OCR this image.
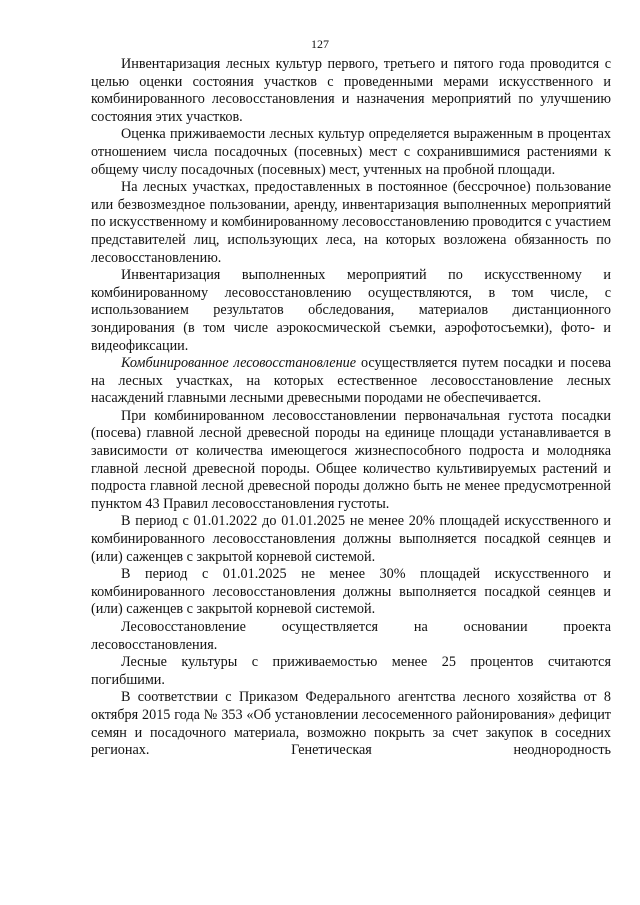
127

Инвентаризация лесных культур первого, третьего и пятого года проводится с целью оценки состояния участков с проведенными мерами искусственного и комбинированного лесовосстановления и назначения мероприятий по улучшению состояния этих участков.

Оценка приживаемости лесных культур определяется выраженным в процентах отношением числа посадочных (посевных) мест с сохранившимися растениями к общему числу посадочных (посевных) мест, учтенных на пробной площади.

На лесных участках, предоставленных в постоянное (бессрочное) пользование или безвозмездное пользовании, аренду, инвентаризация выполненных мероприятий по искусственному и комбинированному лесовосстановлению проводится с участием представителей лиц, использующих леса, на которых возложена обязанность по лесовосстановлению.

Инвентаризация выполненных мероприятий по искусственному и комбинированному лесовосстановлению осуществляются, в том числе, с использованием результатов обследования, материалов дистанционного зондирования (в том числе аэрокосмической съемки, аэрофотосъемки), фото- и видеофиксации.

Комбинированное лесовосстановление осуществляется путем посадки и посева на лесных участках, на которых естественное лесовосстановление лесных насаждений главными лесными древесными породами не обеспечивается.

При комбинированном лесовосстановлении первоначальная густота посадки (посева) главной лесной древесной породы на единице площади устанавливается в зависимости от количества имеющегося жизнеспособного подроста и молодняка главной лесной древесной породы. Общее количество культивируемых растений и подроста главной лесной древесной породы должно быть не менее предусмотренной пунктом 43 Правил лесовосстановления густоты.

В период с 01.01.2022 до 01.01.2025 не менее 20% площадей искусственного и комбинированного лесовосстановления должны выполняется посадкой сеянцев и (или) саженцев с закрытой корневой системой.

В период с 01.01.2025 не менее 30% площадей искусственного и комбинированного лесовосстановления должны выполняется посадкой сеянцев и (или) саженцев с закрытой корневой системой.

Лесовосстановление осуществляется на основании проекта лесовосстановления.

Лесные культуры с приживаемостью менее 25 процентов считаются погибшими.

В соответствии с Приказом Федерального агентства лесного хозяйства от 8 октября 2015 года № 353 «Об установлении лесосеменного районирования» дефицит семян и посадочного материала, возможно покрыть за счет закупок в соседних регионах. Генетическая неоднородность
